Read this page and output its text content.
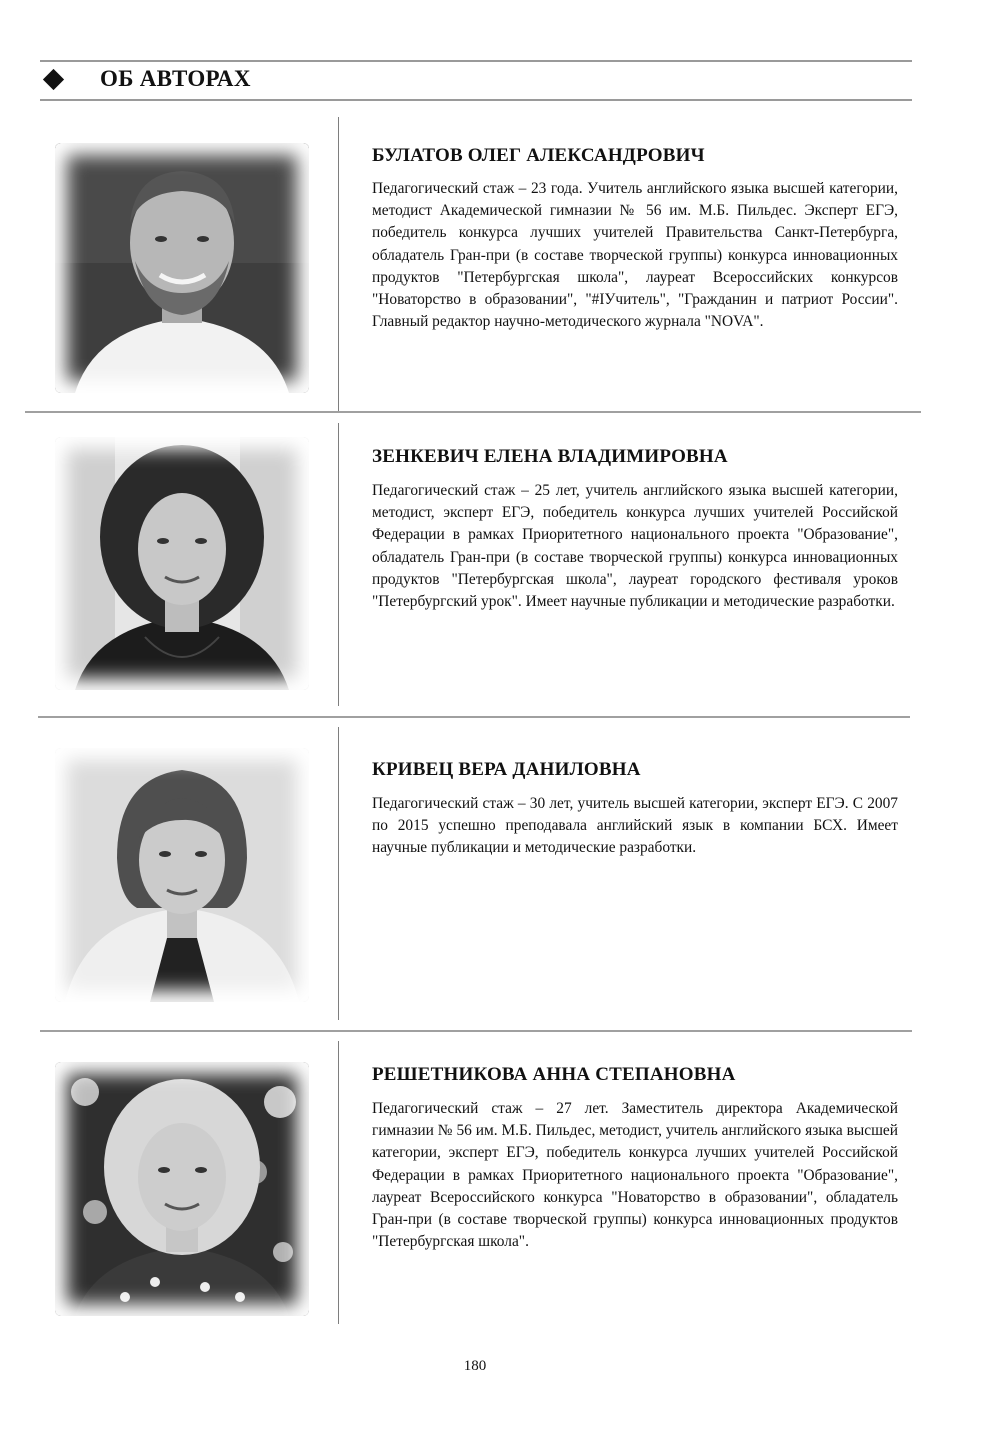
ОБ АВТОРАХ
БУЛАТОВ ОЛЕГ АЛЕКСАНДРОВИЧ

Педагогический стаж – 23 года. Учитель английского языка высшей категории, методист Академической гимназии № 56 им. М.Б. Пильдес. Эксперт ЕГЭ, победитель конкурса лучших учителей Правительства Санкт-Петербурга, обладатель Гран-при (в составе творческой группы) конкурса инновационных продуктов "Петербургская школа", лауреат Всероссийских конкурсов "Новаторство в образовании", "#IУчитель", "Гражданин и патриот России". Главный редактор научно-методического журнала "NOVA".

ЗЕНКЕВИЧ ЕЛЕНА ВЛАДИМИРОВНА

Педагогический стаж – 25 лет, учитель английского языка высшей категории, методист, эксперт ЕГЭ, победитель конкурса лучших учителей Российской Федерации в рамках Приоритетного национального проекта "Образование", обладатель Гран-при (в составе творческой группы) конкурса инновационных продуктов "Петербургская школа", лауреат городского фестиваля уроков "Петербургский урок". Имеет научные публикации и методические разработки.

КРИВЕЦ ВЕРА ДАНИЛОВНА

Педагогический стаж – 30 лет, учитель высшей категории, эксперт ЕГЭ. С 2007 по 2015 успешно преподавала английский язык в компании БСХ. Имеет научные публикации и методические разработки.

РЕШЕТНИКОВА АННА СТЕПАНОВНА

Педагогический стаж – 27 лет. Заместитель директора Академической гимназии № 56 им. М.Б. Пильдес, методист, учитель английского языка высшей категории, эксперт ЕГЭ, победитель конкурса лучших учителей Российской Федерации в рамках Приоритетного национального проекта "Образование", лауреат Всероссийского конкурса "Новаторство в образовании", обладатель Гран-при (в составе творческой группы) конкурса инновационных продуктов "Петербургская школа".

180
